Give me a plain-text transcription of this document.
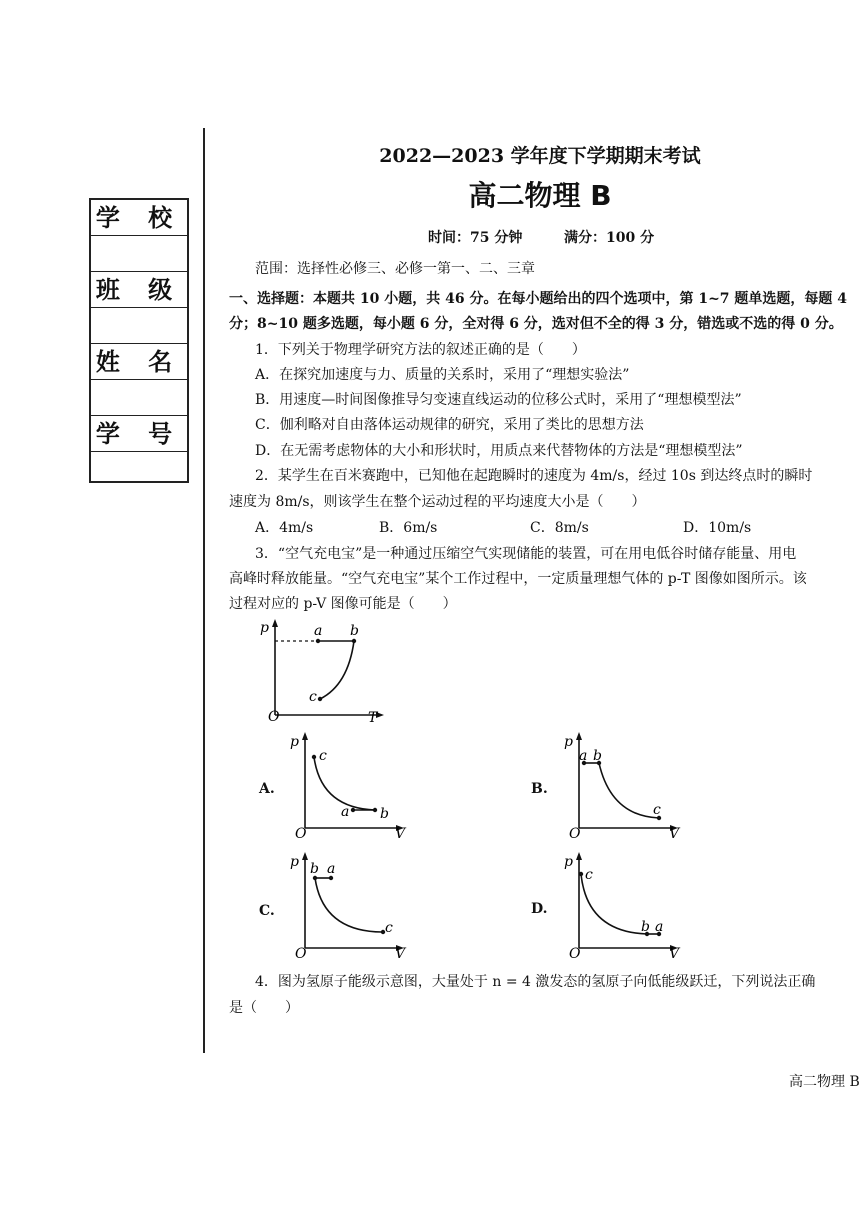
学 校
班 级
姓 名
学 号
2022—2023 学年度下学期期末考试
高二物理 B
时间：75 分钟	满分：100 分
范围：选择性必修三、必修一第一、二、三章
一、选择题：本题共 10 小题，共 46 分。在每小题给出的四个选项中，第 1~7 题单选题，每题 4
分；8~10 题多选题，每小题 6 分，全对得 6 分，选对但不全的得 3 分，错选或不选的得 0 分。
1．下列关于物理学研究方法的叙述正确的是（　　）
A．在探究加速度与力、质量的关系时，采用了“理想实验法”
B．用速度—时间图像推导匀变速直线运动的位移公式时，采用了“理想模型法”
C．伽利略对自由落体运动规律的研究，采用了类比的思想方法
D．在无需考虑物体的大小和形状时，用质点来代替物体的方法是“理想模型法”
2．某学生在百米赛跑中，已知他在起跑瞬时的速度为 4m/s，经过 10s 到达终点时的瞬时
速度为 8m/s，则该学生在整个运动过程的平均速度大小是（　　）
A．4m/s	B．6m/s	C．8m/s	D．10m/s
3．“空气充电宝”是一种通过压缩空气实现储能的装置，可在用电低谷时储存能量、用电
高峰时释放能量。“空气充电宝”某个工作过程中，一定质量理想气体的 p-T 图像如图所示。该
过程对应的 p-V 图像可能是（　　）
p
O	T
a b
c
A.
p
O	V
c
a b
B.
p
O	V
a b
c
C.
p
O	V
b a
c
D.
p
O	V
c
b a
4．图为氢原子能级示意图，大量处于 n = 4 激发态的氢原子向低能级跃迁，下列说法正确
是（　　）
高二物理 B
